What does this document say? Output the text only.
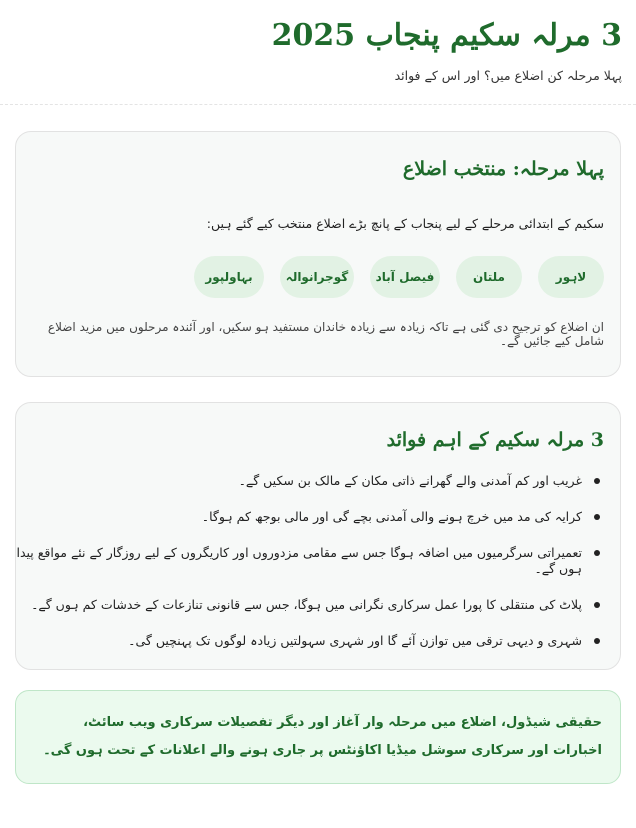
3 مرلہ سکیم پنجاب 2025

پہلا مرحلہ کن اضلاع میں؟ اور اس کے فوائد

پہلا مرحلہ: منتخب اضلاع
سکیم کے ابتدائی مرحلے کے لیے پنجاب کے پانچ بڑے اضلاع منتخب کیے گئے ہیں:
لاہور
ملتان
فیصل آباد
گوجرانوالہ
بہاولپور
ان اضلاع کو ترجیح دی گئی ہے تاکہ زیادہ سے زیادہ خاندان مستفید ہو سکیں، اور آئندہ مرحلوں میں مزید اضلاع شامل کیے جائیں گے۔
3 مرلہ سکیم کے اہم فوائد
غریب اور کم آمدنی والے گھرانے ذاتی مکان کے مالک بن سکیں گے۔
کرایہ کی مد میں خرچ ہونے والی آمدنی بچے گی اور مالی بوجھ کم ہوگا۔
تعمیراتی سرگرمیوں میں اضافہ ہوگا جس سے مقامی مزدوروں اور کاریگروں کے لیے روزگار کے نئے مواقع پیدا ہوں گے۔
پلاٹ کی منتقلی کا پورا عمل سرکاری نگرانی میں ہوگا، جس سے قانونی تنازعات کے خدشات کم ہوں گے۔
شہری و دیہی ترقی میں توازن آئے گا اور شہری سہولتیں زیادہ لوگوں تک پہنچیں گی۔

حقیقی شیڈول، اضلاع میں مرحلہ وار آغاز اور دیگر تفصیلات سرکاری ویب سائٹ، اخبارات اور سرکاری سوشل میڈیا اکاؤنٹس پر جاری ہونے والے اعلانات کے تحت ہوں گی۔
